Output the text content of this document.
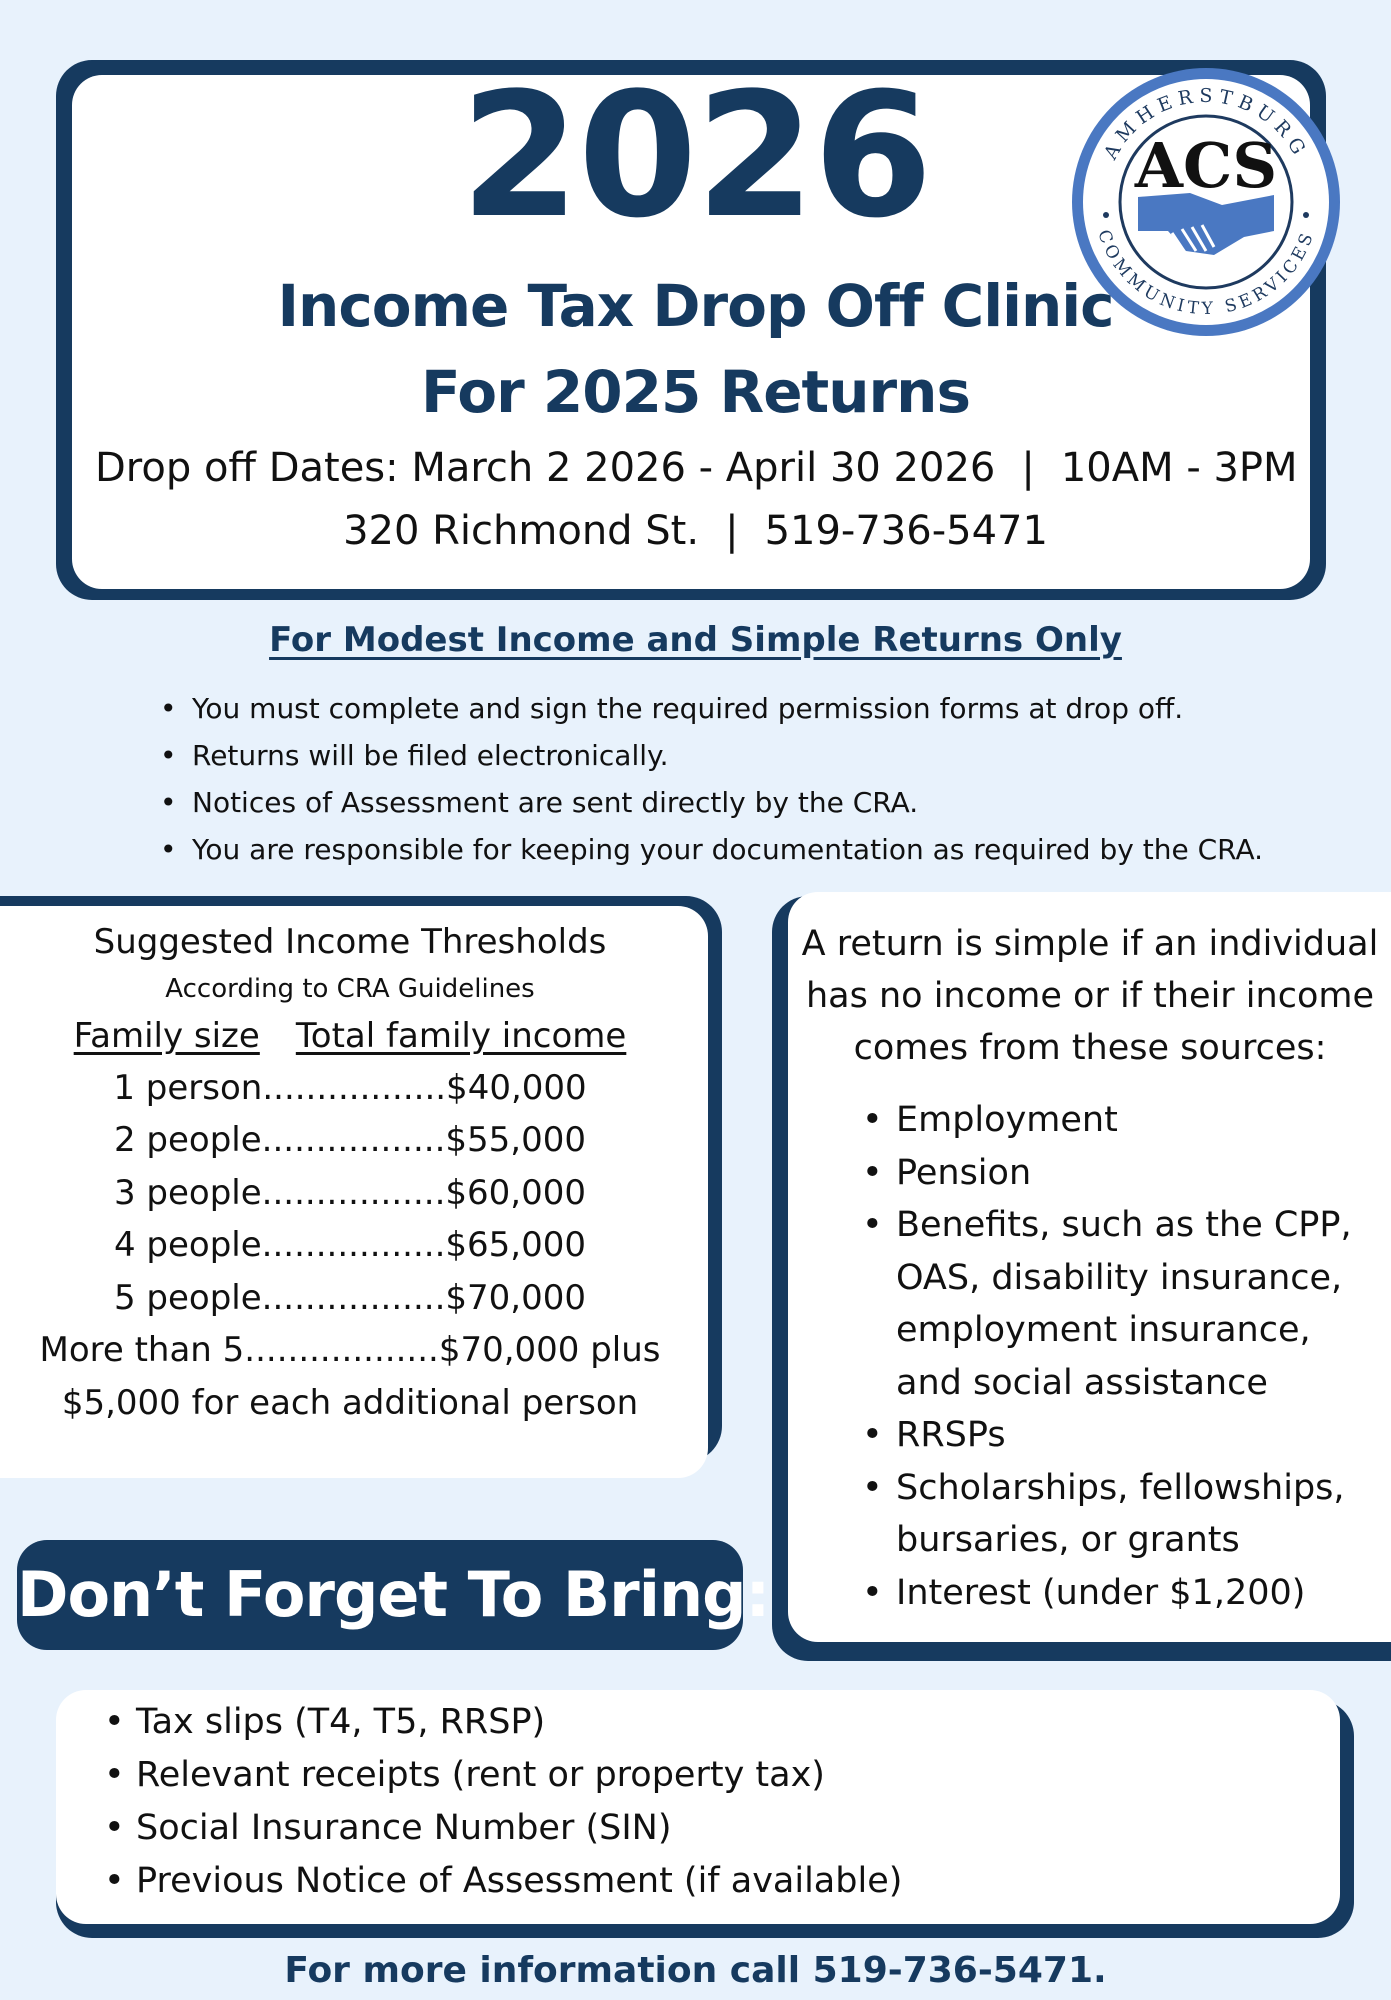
2026
Income Tax Drop Off Clinic
For 2025 Returns
Drop off Dates: March 2 2026 - April 30 2026 | 10AM - 3PM
320 Richmond St. | 519-736-5471
AMHERSTBURG
COMMUNITY SERVICES
ACS
For Modest Income and Simple Returns Only
• You must complete and sign the required permission forms at drop off.
• Returns will be filed electronically.
• Notices of Assessment are sent directly by the CRA.
• You are responsible for keeping your documentation as required by the CRA.
Suggested Income Thresholds
According to CRA Guidelines
Family size Total family income
1 person.................$40,000
2 people.................$55,000
3 people.................$60,000
4 people.................$65,000
5 people.................$70,000
More than 5..................$70,000 plus
$5,000 for each additional person
A return is simple if an individual has no income or if their income comes from these sources:
• Employment
• Pension
• Benefits, such as the CPP, OAS, disability insurance, employment insurance, and social assistance
• RRSPs
• Scholarships, fellowships, bursaries, or grants
• Interest (under $1,200)
Don’t Forget To Bring:
• Tax slips (T4, T5, RRSP)
• Relevant receipts (rent or property tax)
• Social Insurance Number (SIN)
• Previous Notice of Assessment (if available)
For more information call 519-736-5471.
